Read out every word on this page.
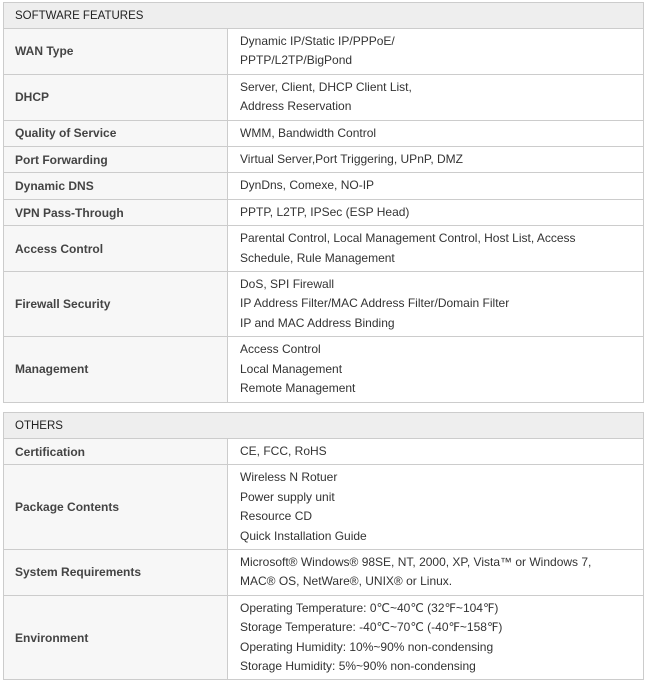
SOFTWARE FEATURES	
WAN Type	Dynamic IP/Static IP/PPPoE/
PPTP/L2TP/BigPond

DHCP	Server, Client, DHCP Client List,
Address Reservation

Quality of Service	WMM, Bandwidth Control

Port Forwarding	Virtual Server,Port Triggering, UPnP, DMZ

Dynamic DNS	DynDns, Comexe, NO-IP

VPN Pass-Through	PPTP, L2TP, IPSec (ESP Head)

Access Control	Parental Control, Local Management Control, Host List, Access
Schedule, Rule Management

Firewall Security	DoS, SPI Firewall
IP Address Filter/MAC Address Filter/Domain Filter
IP and MAC Address Binding

Management	Access Control
Local Management
Remote Management
OTHERS	
Certification	CE, FCC, RoHS

Package Contents	Wireless N Rotuer
Power supply unit
Resource CD
Quick Installation Guide

System Requirements	Microsoft® Windows® 98SE, NT, 2000, XP, Vista™ or Windows 7,
MAC® OS, NetWare®, UNIX® or Linux.

Environment	Operating Temperature: 0℃~40℃ (32℉~104℉)
Storage Temperature: -40℃~70℃ (-40℉~158℉)
Operating Humidity: 10%~90% non-condensing
Storage Humidity: 5%~90% non-condensing
